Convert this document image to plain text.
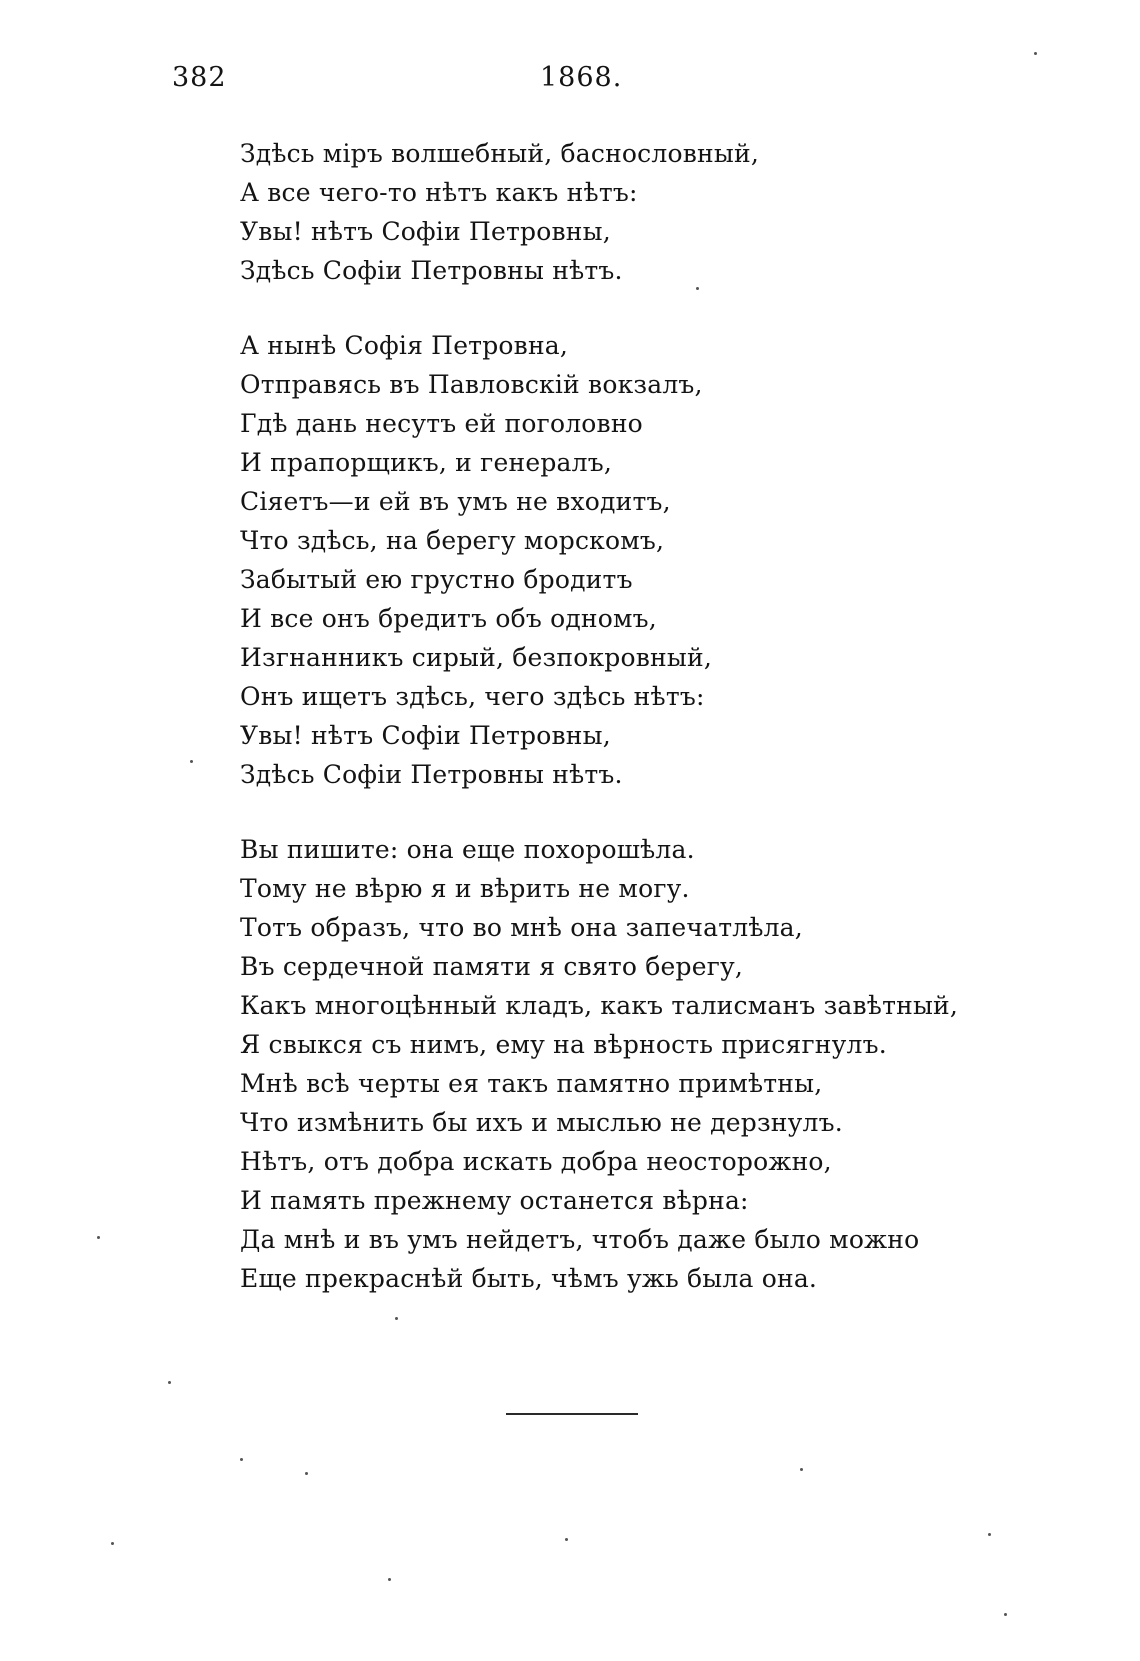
382	1868.
Здѣсь міръ волшебный, баснословный,
А все чего-то нѣтъ какъ нѣтъ:
Увы! нѣтъ Софіи Петровны,
Здѣсь Софіи Петровны нѣтъ.
А нынѣ Софія Петровна,
Отправясь въ Павловскій вокзалъ,
Гдѣ дань несутъ ей поголовно
И прапорщикъ, и генералъ,
Сіяетъ—и ей въ умъ не входитъ,
Что здѣсь, на берегу морскомъ,
Забытый ею грустно бродитъ
И все онъ бредитъ объ одномъ,
Изгнанникъ сирый, безпокровный,
Онъ ищетъ здѣсь, чего здѣсь нѣтъ:
Увы! нѣтъ Софіи Петровны,
Здѣсь Софіи Петровны нѣтъ.
Вы пишите: она еще похорошѣла.
Тому не вѣрю я и вѣрить не могу.
Тотъ образъ, что во мнѣ она запечатлѣла,
Въ сердечной памяти я свято берегу,
Какъ многоцѣнный кладъ, какъ талисманъ завѣтный,
Я свыкся съ нимъ, ему на вѣрность присягнулъ.
Мнѣ всѣ черты ея такъ памятно примѣтны,
Что измѣнить бы ихъ и мыслью не дерзнулъ.
Нѣтъ, отъ добра искать добра неосторожно,
И память прежнему останется вѣрна:
Да мнѣ и въ умъ нейдетъ, чтобъ даже было можно
Еще прекраснѣй быть, чѣмъ ужь была она.
